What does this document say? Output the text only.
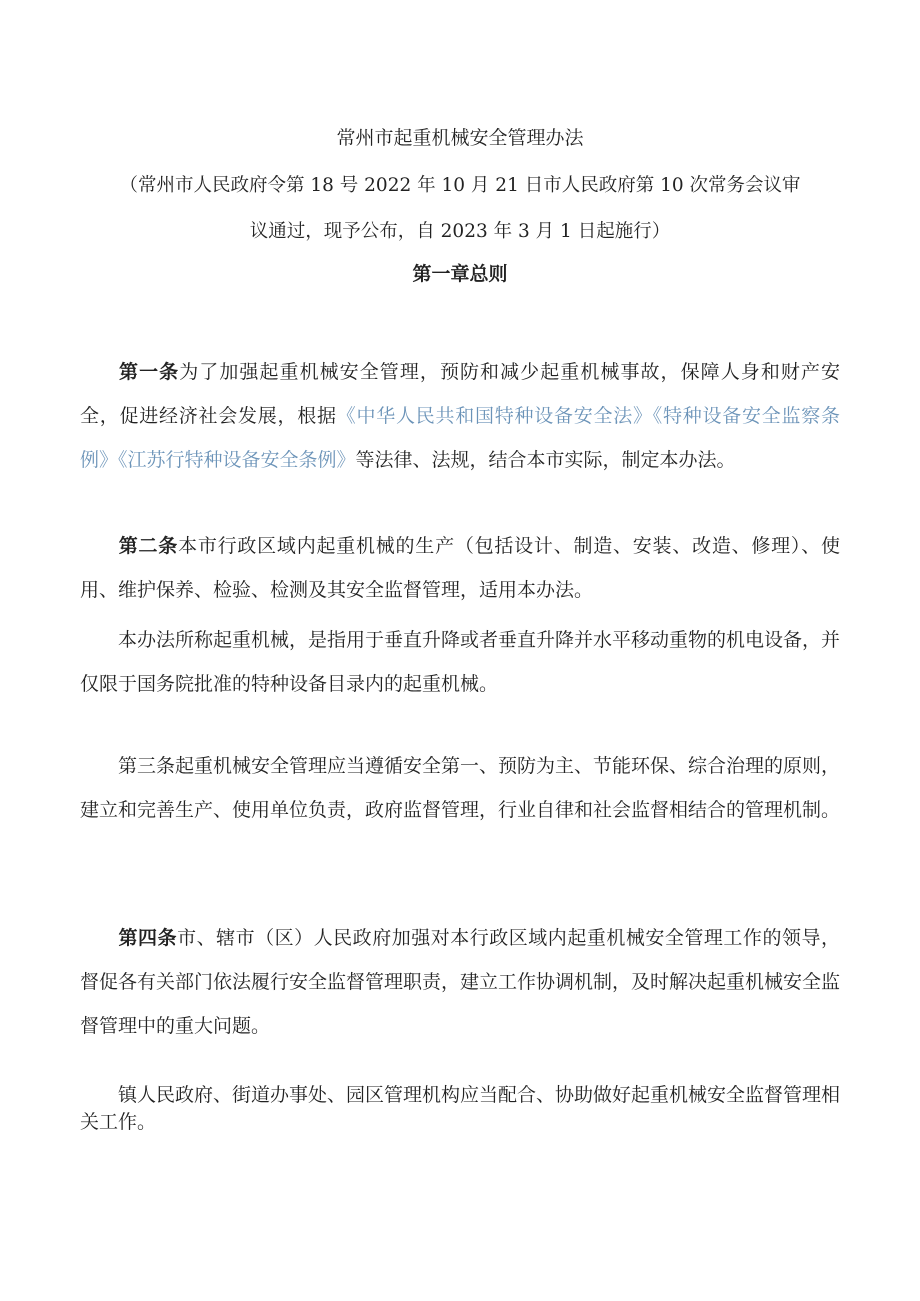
常州市起重机械安全管理办法
（常州市人民政府令第 18 号 2022 年 10 月 21 日市人民政府第 10 次常务会议审
议通过，现予公布，自 2023 年 3 月 1 日起施行）
第一章总则
第一条为了加强起重机械安全管理，预防和减少起重机械事故，保障人身和财产安全，促进经济社会发展，根据《中华人民共和国特种设备安全法》《特种设备安全监察条例》《江苏行特种设备安全条例》等法律、法规，结合本市实际，制定本办法。
第二条本市行政区域内起重机械的生产（包括设计、制造、安装、改造、修理）、使用、维护保养、检验、检测及其安全监督管理，适用本办法。
本办法所称起重机械，是指用于垂直升降或者垂直升降并水平移动重物的机电设备，并仅限于国务院批准的特种设备目录内的起重机械。
第三条起重机械安全管理应当遵循安全第一、预防为主、节能环保、综合治理的原则，建立和完善生产、使用单位负责，政府监督管理，行业自律和社会监督相结合的管理机制。
第四条市、辖市（区）人民政府加强对本行政区域内起重机械安全管理工作的领导，督促各有关部门依法履行安全监督管理职责，建立工作协调机制，及时解决起重机械安全监督管理中的重大问题。
镇人民政府、街道办事处、园区管理机构应当配合、协助做好起重机械安全监督管理相关工作。
